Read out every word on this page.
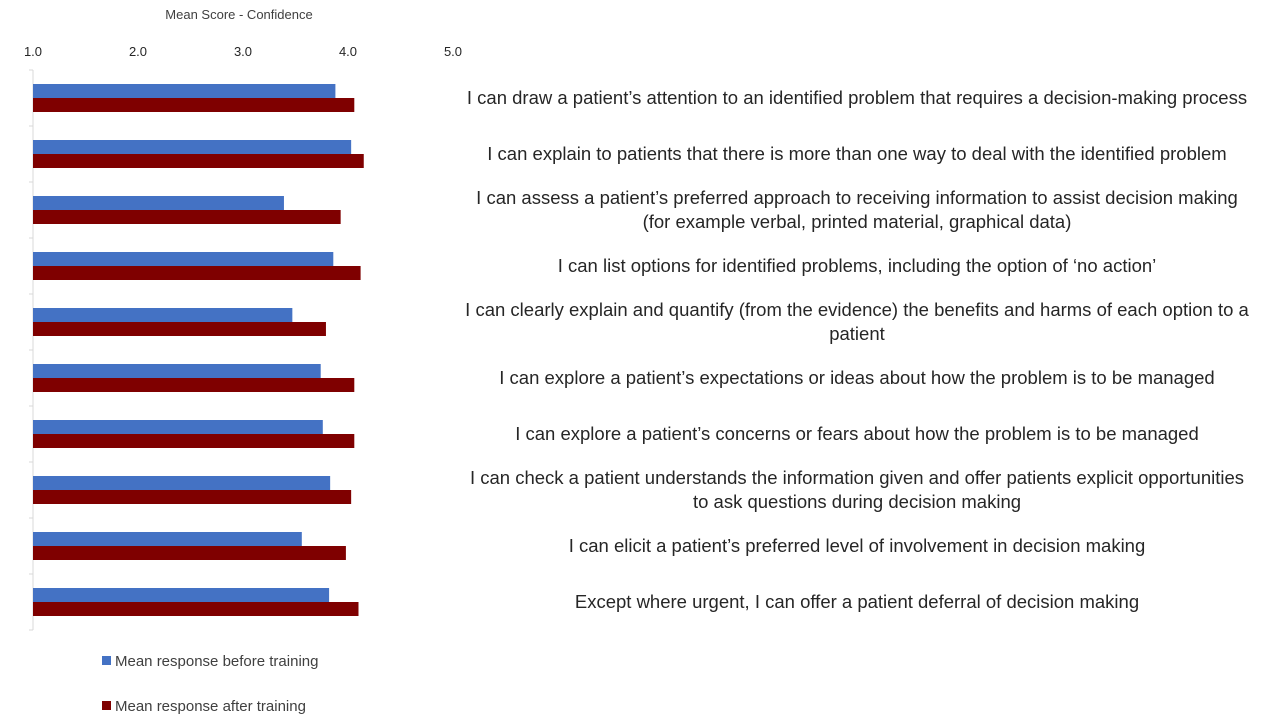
Mean Score - Confidence
1.0	2.0	3.0	4.0	5.0
I can draw a patient’s attention to an identified problem that requires a decision-making process
I can explain to patients that there is more than one way to deal with the identified problem
I can assess a patient’s preferred approach to receiving information to assist decision making (for example verbal, printed material, graphical data)
I can list options for identified problems, including the option of ‘no action’
I can clearly explain and quantify (from the evidence) the benefits and harms of each option to a patient
I can explore a patient’s expectations or ideas about how the problem is to be managed
I can explore a patient’s concerns or fears about how the problem is to be managed
I can check a patient understands the information given and offer patients explicit opportunities to ask questions during decision making
I can elicit a patient’s preferred level of involvement in decision making
Except where urgent, I can offer a patient deferral of decision making
Mean response before training
Mean response after training
